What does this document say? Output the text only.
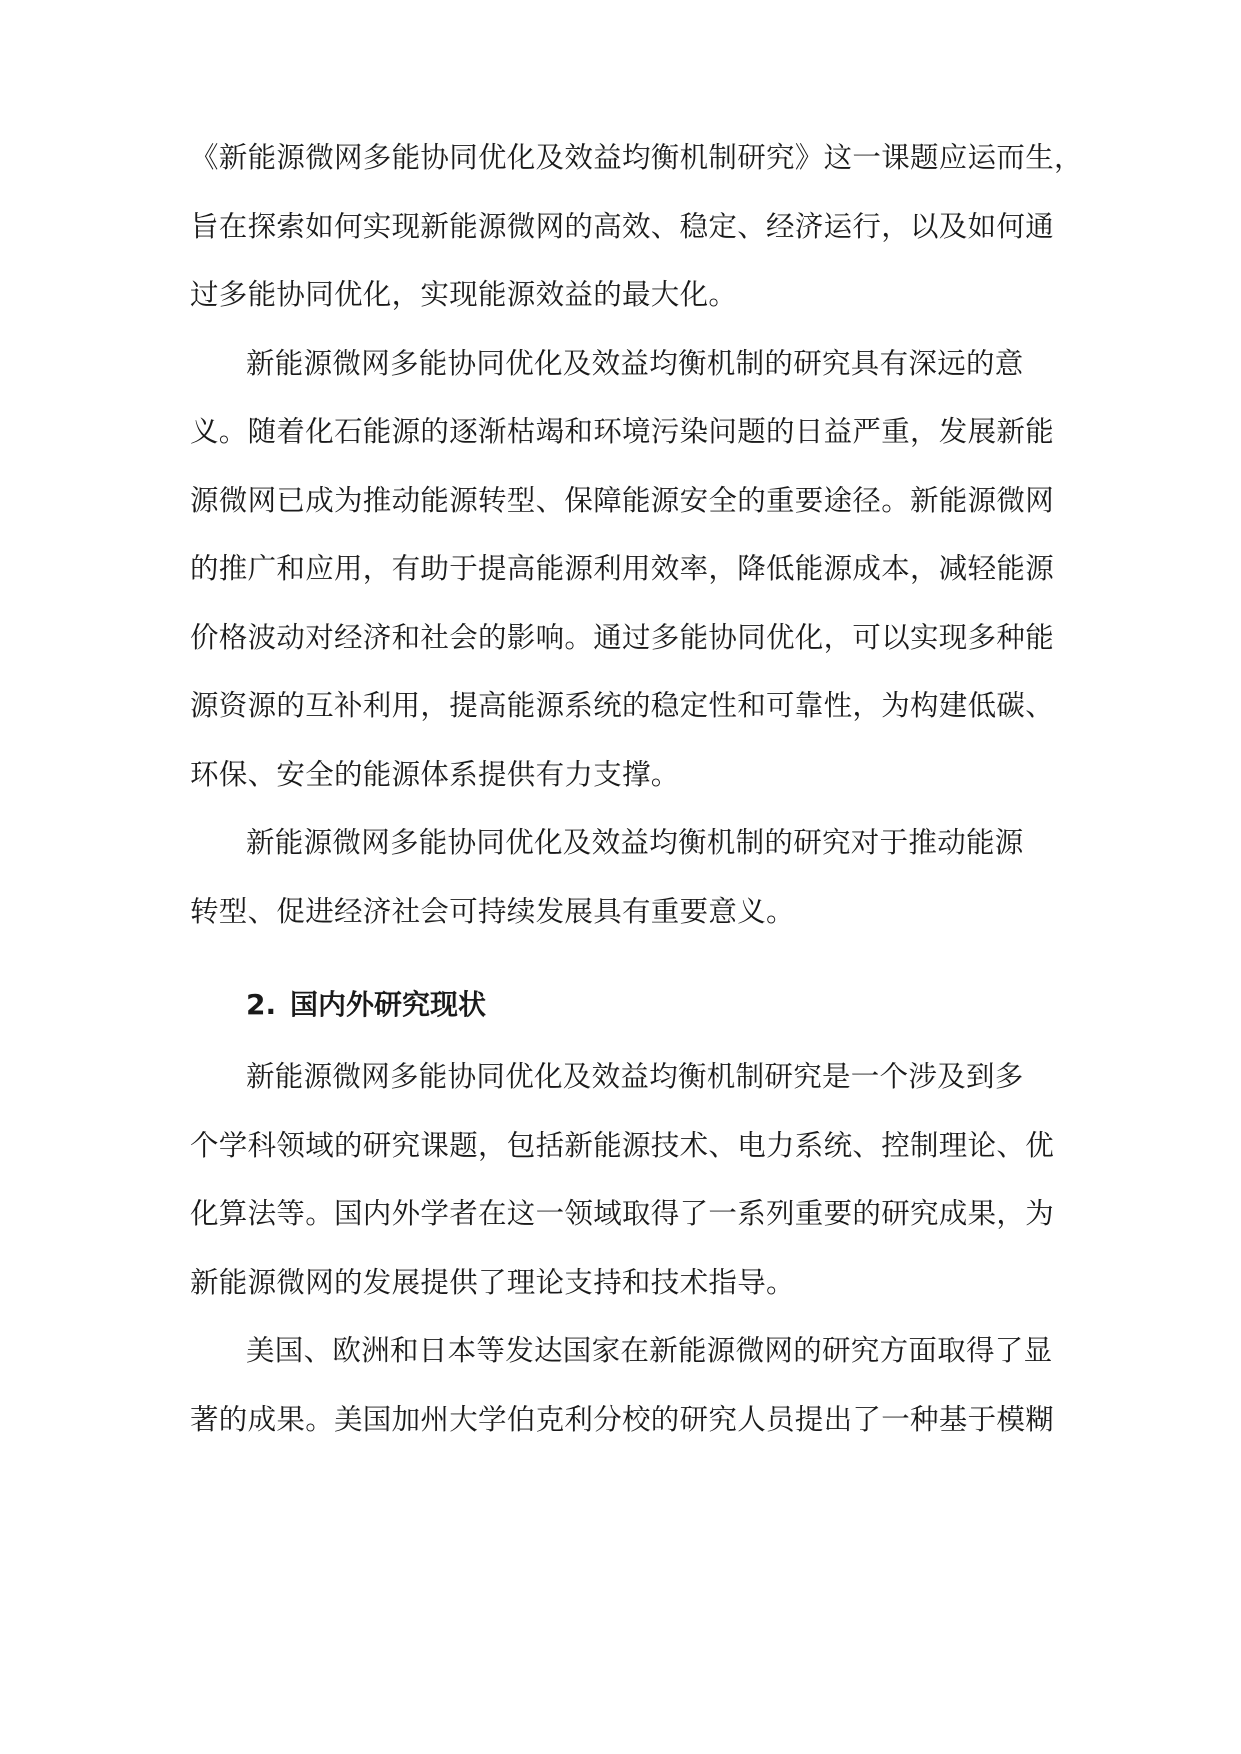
《新能源微网多能协同优化及效益均衡机制研究》这一课题应运而生，
旨在探索如何实现新能源微网的高效、稳定、经济运行，以及如何通
过多能协同优化，实现能源效益的最大化。
新能源微网多能协同优化及效益均衡机制的研究具有深远的意
义。随着化石能源的逐渐枯竭和环境污染问题的日益严重，发展新能
源微网已成为推动能源转型、保障能源安全的重要途径。新能源微网
的推广和应用，有助于提高能源利用效率，降低能源成本，减轻能源
价格波动对经济和社会的影响。通过多能协同优化，可以实现多种能
源资源的互补利用，提高能源系统的稳定性和可靠性，为构建低碳、
环保、安全的能源体系提供有力支撑。
新能源微网多能协同优化及效益均衡机制的研究对于推动能源
转型、促进经济社会可持续发展具有重要意义。
2. 国内外研究现状
新能源微网多能协同优化及效益均衡机制研究是一个涉及到多
个学科领域的研究课题，包括新能源技术、电力系统、控制理论、优
化算法等。国内外学者在这一领域取得了一系列重要的研究成果，为
新能源微网的发展提供了理论支持和技术指导。
美国、欧洲和日本等发达国家在新能源微网的研究方面取得了显
著的成果。美国加州大学伯克利分校的研究人员提出了一种基于模糊
